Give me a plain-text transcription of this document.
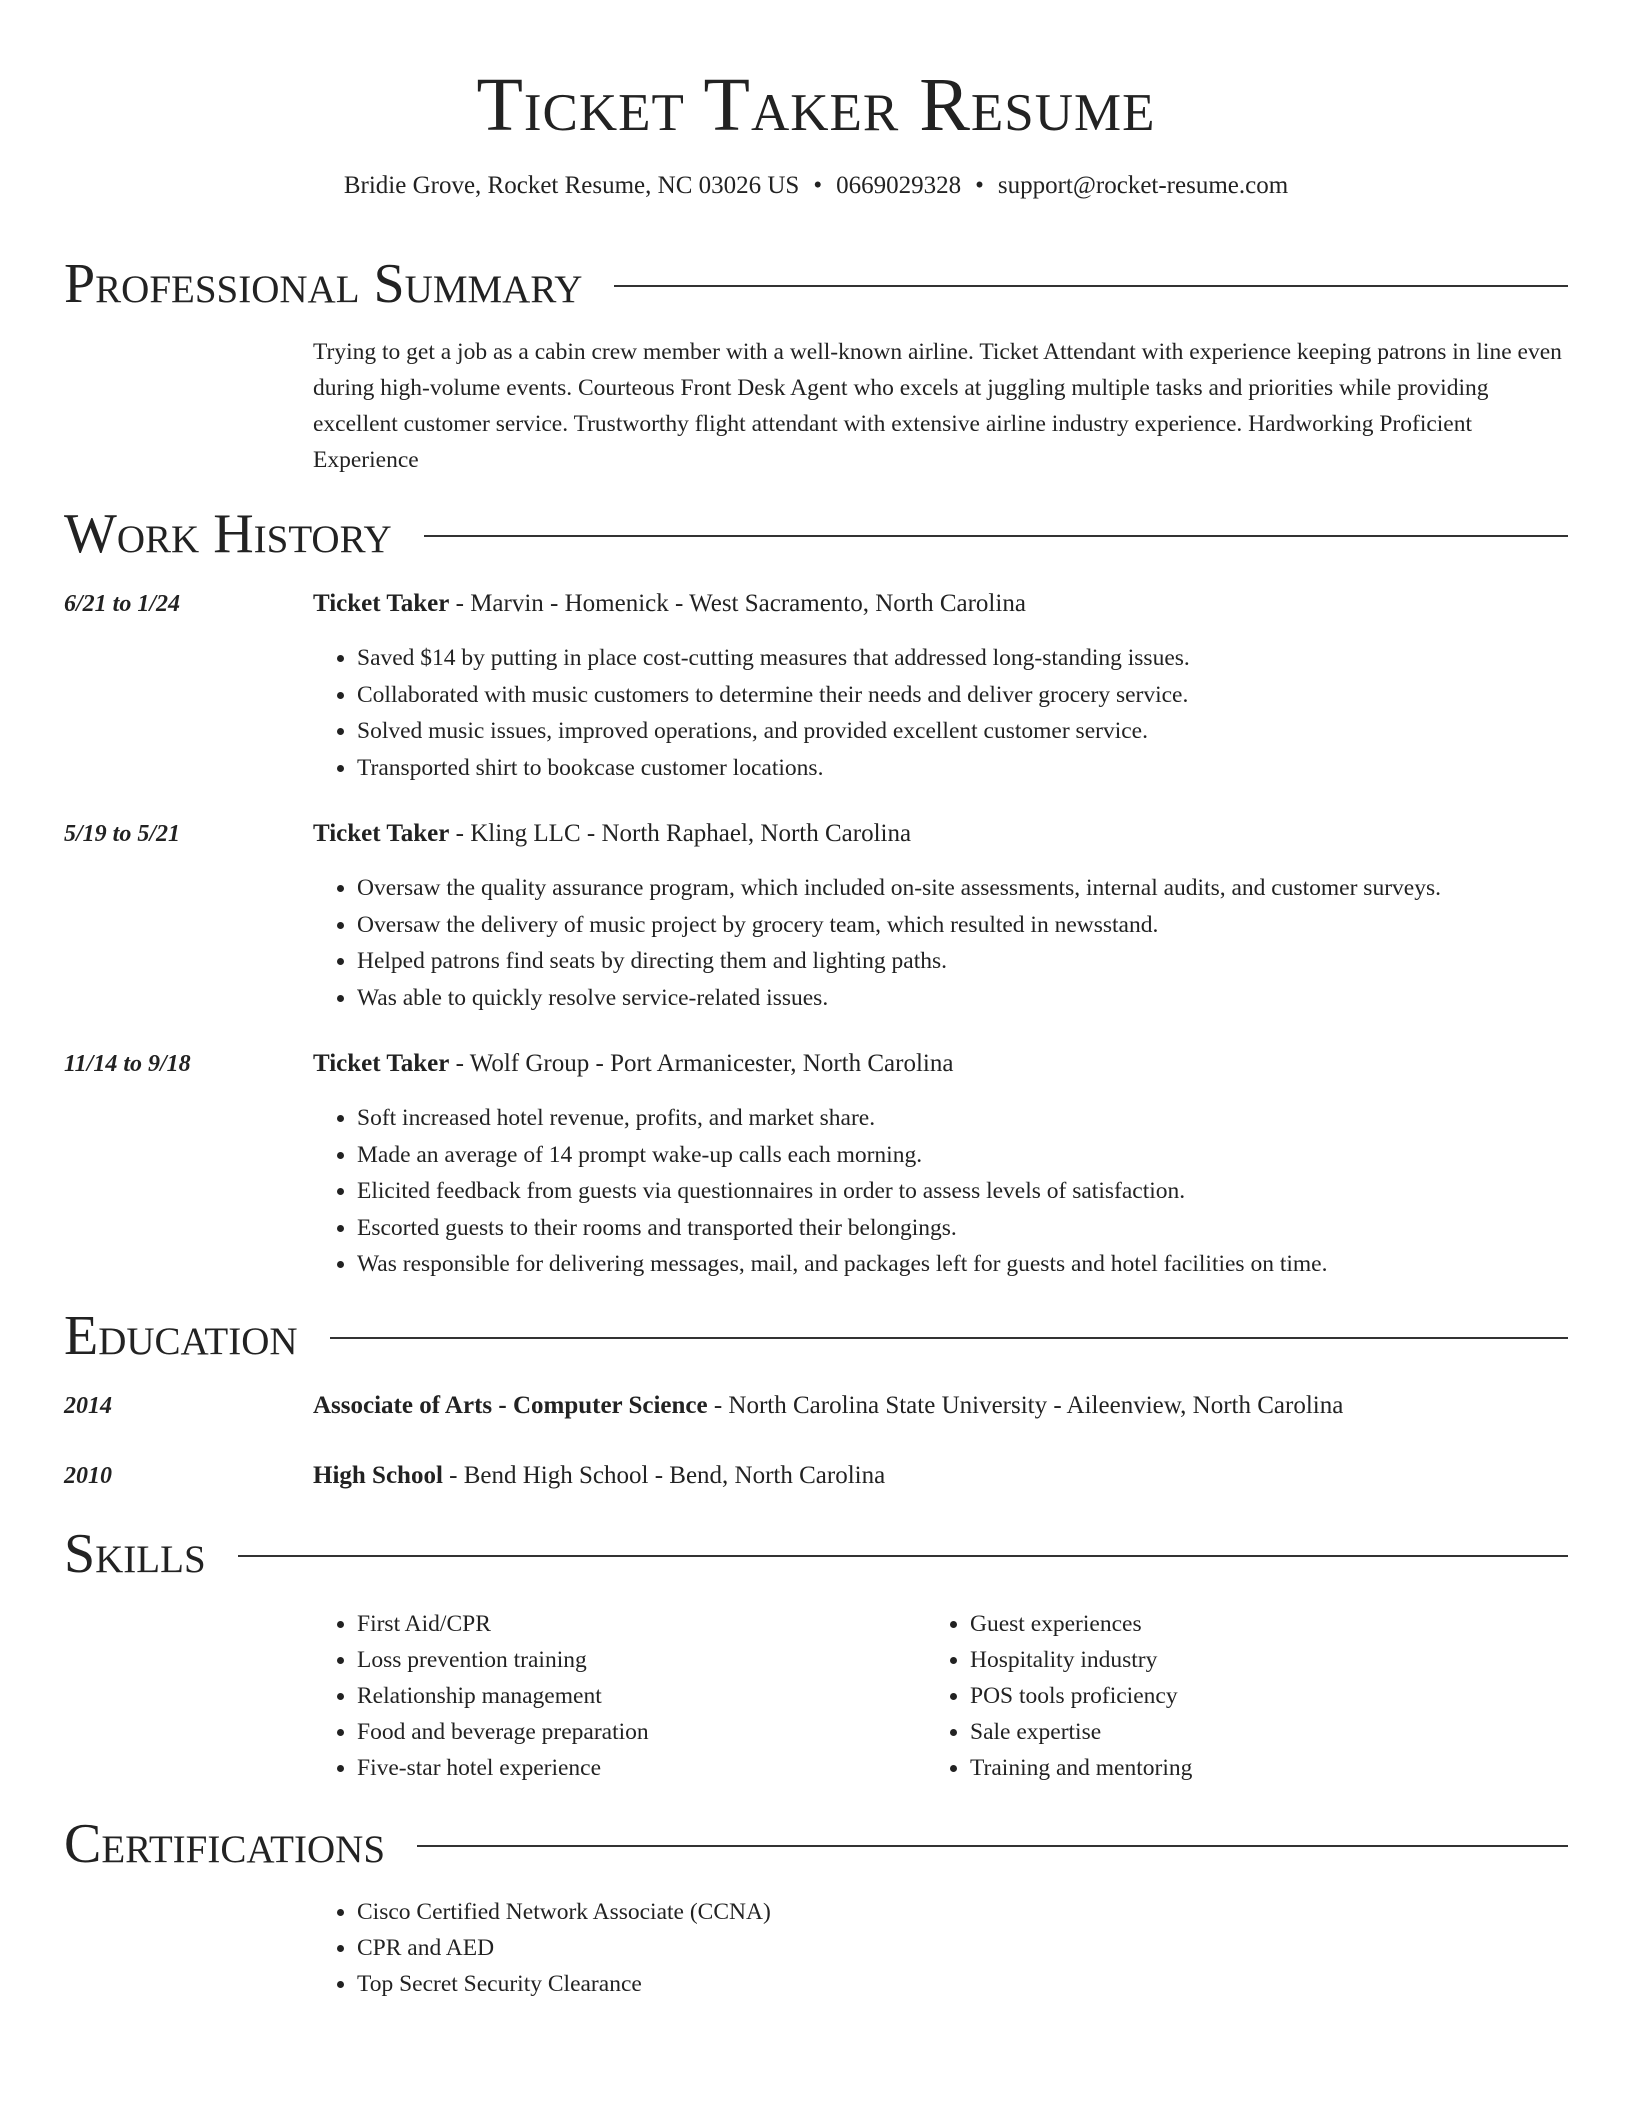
Ticket Taker Resume
Bridie Grove, Rocket Resume, NC 03026 US • 0669029328 • support@rocket-resume.com
Professional Summary
Trying to get a job as a cabin crew member with a well-known airline. Ticket Attendant with experience keeping patrons in line even during high-volume events. Courteous Front Desk Agent who excels at juggling multiple tasks and priorities while providing excellent customer service. Trustworthy flight attendant with extensive airline industry experience. Hardworking Proficient Experience
Work History
6/21 to 1/24	Ticket Taker - Marvin - Homenick - West Sacramento, North Carolina
• Saved $14 by putting in place cost-cutting measures that addressed long-standing issues.
• Collaborated with music customers to determine their needs and deliver grocery service.
• Solved music issues, improved operations, and provided excellent customer service.
• Transported shirt to bookcase customer locations.
5/19 to 5/21	Ticket Taker - Kling LLC - North Raphael, North Carolina
• Oversaw the quality assurance program, which included on-site assessments, internal audits, and customer surveys.
• Oversaw the delivery of music project by grocery team, which resulted in newsstand.
• Helped patrons find seats by directing them and lighting paths.
• Was able to quickly resolve service-related issues.
11/14 to 9/18	Ticket Taker - Wolf Group - Port Armanicester, North Carolina
• Soft increased hotel revenue, profits, and market share.
• Made an average of 14 prompt wake-up calls each morning.
• Elicited feedback from guests via questionnaires in order to assess levels of satisfaction.
• Escorted guests to their rooms and transported their belongings.
• Was responsible for delivering messages, mail, and packages left for guests and hotel facilities on time.
Education
2014	Associate of Arts - Computer Science - North Carolina State University - Aileenview, North Carolina
2010	High School - Bend High School - Bend, North Carolina
Skills
• First Aid/CPR
• Loss prevention training
• Relationship management
• Food and beverage preparation
• Five-star hotel experience
• Guest experiences
• Hospitality industry
• POS tools proficiency
• Sale expertise
• Training and mentoring
Certifications
• Cisco Certified Network Associate (CCNA)
• CPR and AED
• Top Secret Security Clearance
